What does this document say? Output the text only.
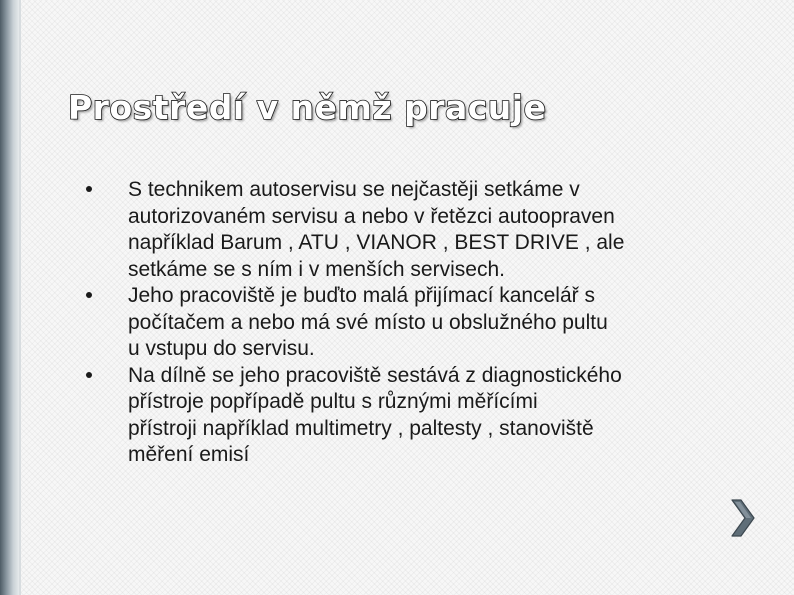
Prostředí v němž pracuje
S technikem autoservisu se nejčastěji setkáme v
autorizovaném servisu a nebo v řetězci autoopraven
například Barum , ATU , VIANOR , BEST DRIVE , ale
setkáme se s ním i v menších servisech.
Jeho pracoviště je buďto malá přijímací kancelář s
počítačem a nebo má své místo u obslužného pultu
u vstupu do servisu.
Na dílně se jeho pracoviště sestává z diagnostického
přístroje popřípadě pultu s různými měřícími
přístroji například multimetry , paltesty , stanoviště
měření emisí
